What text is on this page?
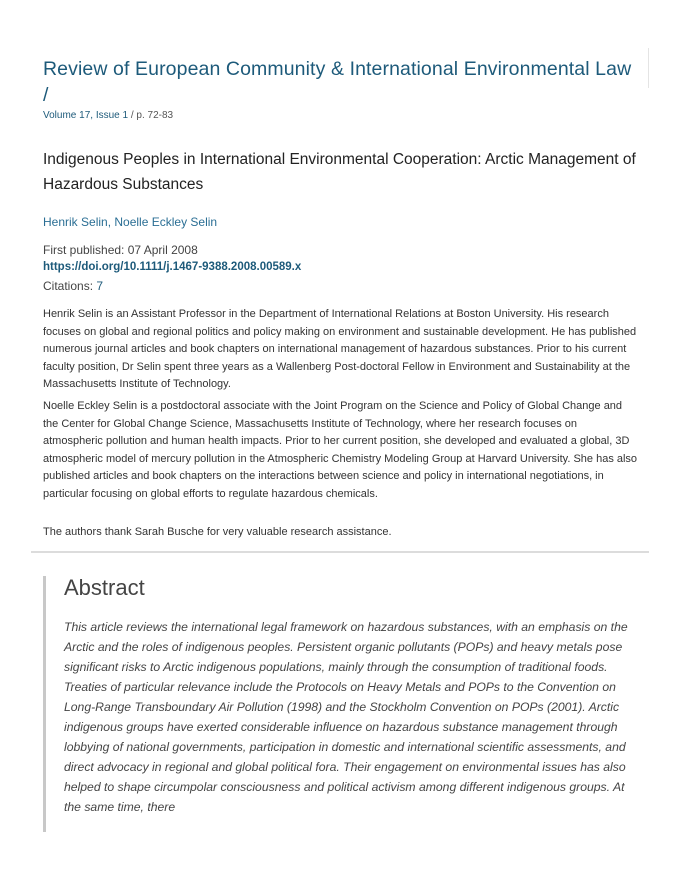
Review of European Community & International Environmental Law /
Volume 17, Issue 1 / p. 72-83
Indigenous Peoples in International Environmental Cooperation: Arctic Management of Hazardous Substances
Henrik Selin, Noelle Eckley Selin
First published: 07 April 2008
https://doi.org/10.1111/j.1467-9388.2008.00589.x
Citations: 7
Henrik Selin is an Assistant Professor in the Department of International Relations at Boston University. His research focuses on global and regional politics and policy making on environment and sustainable development. He has published numerous journal articles and book chapters on international management of hazardous substances. Prior to his current faculty position, Dr Selin spent three years as a Wallenberg Post-doctoral Fellow in Environment and Sustainability at the Massachusetts Institute of Technology.
Noelle Eckley Selin is a postdoctoral associate with the Joint Program on the Science and Policy of Global Change and the Center for Global Change Science, Massachusetts Institute of Technology, where her research focuses on atmospheric pollution and human health impacts. Prior to her current position, she developed and evaluated a global, 3D atmospheric model of mercury pollution in the Atmospheric Chemistry Modeling Group at Harvard University. She has also published articles and book chapters on the interactions between science and policy in international negotiations, in particular focusing on global efforts to regulate hazardous chemicals.
The authors thank Sarah Busche for very valuable research assistance.
Abstract
This article reviews the international legal framework on hazardous substances, with an emphasis on the Arctic and the roles of indigenous peoples. Persistent organic pollutants (POPs) and heavy metals pose significant risks to Arctic indigenous populations, mainly through the consumption of traditional foods. Treaties of particular relevance include the Protocols on Heavy Metals and POPs to the Convention on Long-Range Transboundary Air Pollution (1998) and the Stockholm Convention on POPs (2001). Arctic indigenous groups have exerted considerable influence on hazardous substance management through lobbying of national governments, participation in domestic and international scientific assessments, and direct advocacy in regional and global political fora. Their engagement on environmental issues has also helped to shape circumpolar consciousness and political activism among different indigenous groups. At the same time, there
